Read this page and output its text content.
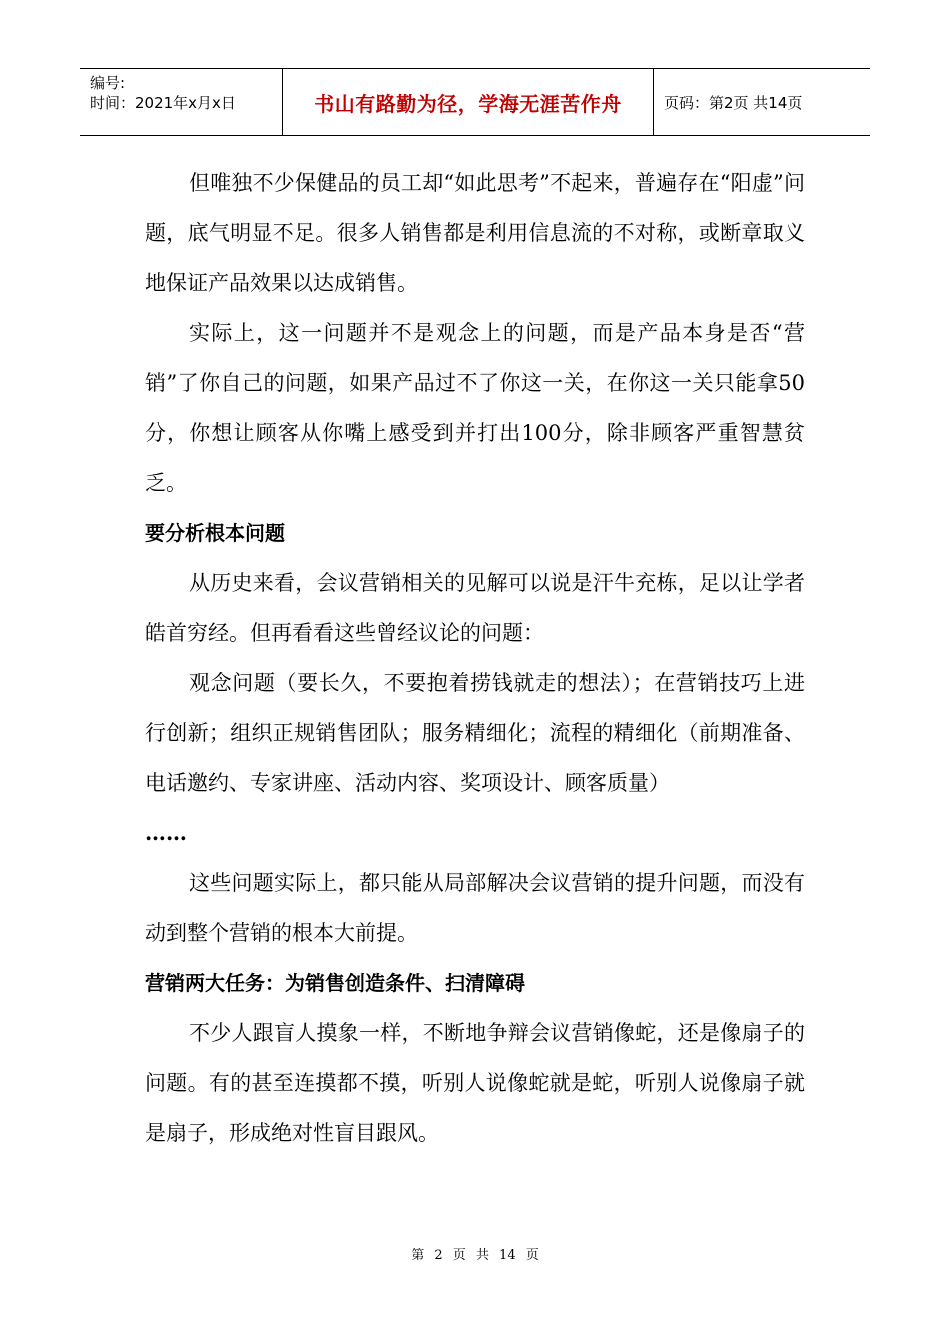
编号:
时间：2021年x月x日	书山有路勤为径，学海无涯苦作舟	页码：第2页 共14页

但唯独不少保健品的员工却“如此思考”不起来，普遍存在“阳虚”问题，底气明显不足。很多人销售都是利用信息流的不对称，或断章取义地保证产品效果以达成销售。

实际上，这一问题并不是观念上的问题，而是产品本身是否“营销”了你自己的问题，如果产品过不了你这一关，在你这一关只能拿50分，你想让顾客从你嘴上感受到并打出100分，除非顾客严重智慧贫乏。

要分析根本问题

从历史来看，会议营销相关的见解可以说是汗牛充栋，足以让学者皓首穷经。但再看看这些曾经议论的问题：

观念问题（要长久，不要抱着捞钱就走的想法）；在营销技巧上进行创新；组织正规销售团队；服务精细化；流程的精细化（前期准备、电话邀约、专家讲座、活动内容、奖项设计、顾客质量）

……

这些问题实际上，都只能从局部解决会议营销的提升问题，而没有动到整个营销的根本大前提。

营销两大任务：为销售创造条件、扫清障碍

不少人跟盲人摸象一样，不断地争辩会议营销像蛇，还是像扇子的问题。有的甚至连摸都不摸，听别人说像蛇就是蛇，听别人说像扇子就是扇子，形成绝对性盲目跟风。

第 2 页 共 14 页
